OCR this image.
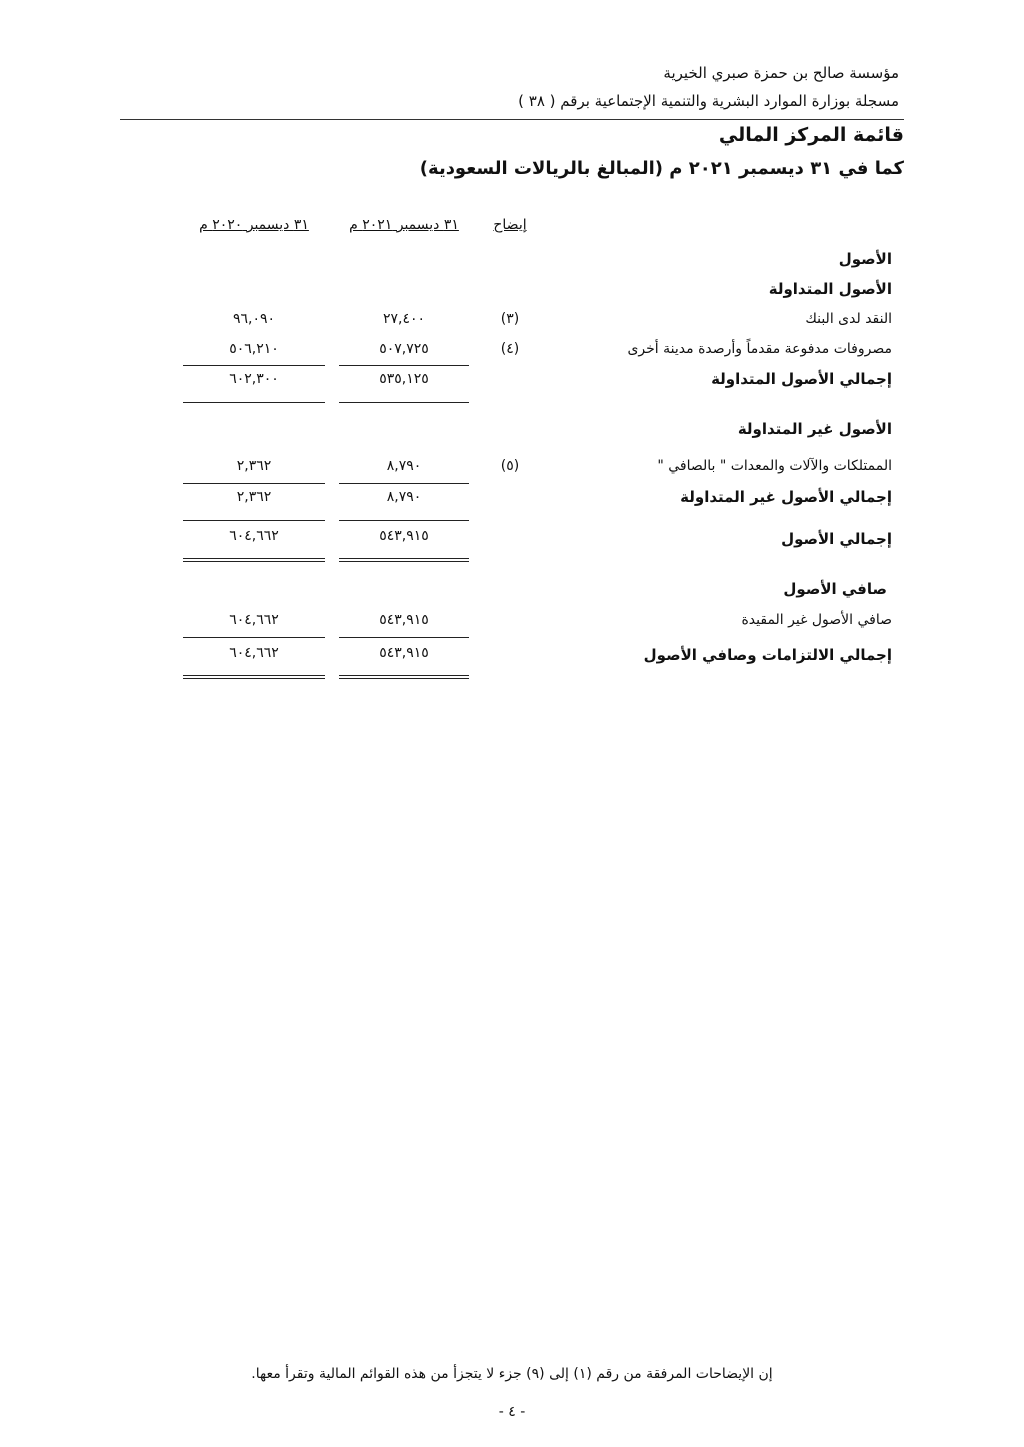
مؤسسة صالح بن حمزة صبري الخيرية
مسجلة بوزارة الموارد البشرية والتنمية الإجتماعية برقم ( ٣٨ )
قائمة المركز المالي
كما في ٣١ ديسمبر ٢٠٢١ م (المبالغ بالريالات السعودية)
إيضاح
٣١ ديسمبر ٢٠٢١ م
٣١ ديسمبر ٢٠٢٠ م
الأصول
الأصول المتداولة
النقد لدى البنك
(٣)
٢٧,٤٠٠
٩٦,٠٩٠
مصروفات مدفوعة مقدماً وأرصدة مدينة أخرى
(٤)
٥٠٧,٧٢٥
٥٠٦,٢١٠
إجمالي الأصول المتداولة
٥٣٥,١٢٥
٦٠٢,٣٠٠
الأصول غير المتداولة
الممتلكات والآلات والمعدات " بالصافي "
(٥)
٨,٧٩٠
٢,٣٦٢
إجمالي الأصول غير المتداولة
٨,٧٩٠
٢,٣٦٢
إجمالي الأصول
٥٤٣,٩١٥
٦٠٤,٦٦٢
صافي الأصول
صافي الأصول غير المقيدة
٥٤٣,٩١٥
٦٠٤,٦٦٢
إجمالي الالتزامات وصافي الأصول
٥٤٣,٩١٥
٦٠٤,٦٦٢
إن الإيضاحات المرفقة من رقم (١) إلى (٩) جزء لا يتجزأ من هذه القوائم المالية وتقرأ معها.
- ٤ -
